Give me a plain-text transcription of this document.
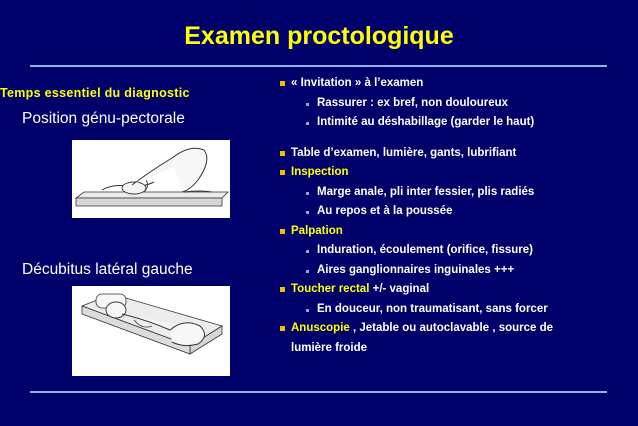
Examen proctologique
Temps essentiel du diagnostic
Position génu-pectorale
Décubitus latéral gauche
« Invitation » à l’examen
Rassurer : ex bref, non douloureux
Intimité au déshabillage (garder le haut)
Table d’examen, lumière, gants, lubrifiant
Inspection
Marge anale, pli inter fessier, plis radiés
Au repos et à la poussée
Palpation
Induration, écoulement (orifice, fissure)
Aires ganglionnaires inguinales +++
Toucher rectal +/- vaginal
En douceur, non traumatisant, sans forcer
Anuscopie , Jetable ou autoclavable , source de
lumière froide
